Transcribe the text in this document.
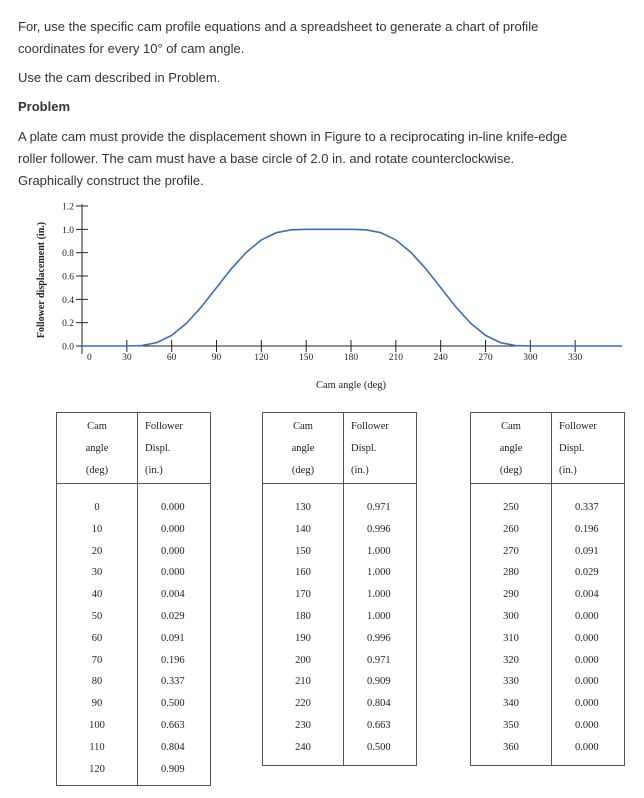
For, use the specific cam profile equations and a spreadsheet to generate a chart of profile

coordinates for every 10° of cam angle.

Use the cam described in Problem.

Problem

A plate cam must provide the displacement shown in Figure to a reciprocating in-line knife-edge

roller follower. The cam must have a base circle of 2.0 in. and rotate counterclockwise.

Graphically construct the profile.

0.0
0.2
0.4
0.6
0.8
1.0
1.2
0	30	60	90	120	150	180	210	240	270	300	330
Cam angle (deg)
Follower displacement (in.)
Cam
angle
(deg)
Follower
Displ.
(in.)
0	0.000
10	0.000
20	0.000
30	0.000
40	0.004
50	0.029
60	0.091
70	0.196
80	0.337
90	0.500
100	0.663
110	0.804
120	0.909
Cam
angle
(deg)
Follower
Displ.
(in.)
130	0.971
140	0.996
150	1.000
160	1.000
170	1.000
180	1.000
190	0.996
200	0.971
210	0.909
220	0.804
230	0.663
240	0.500
Cam
angle
(deg)
Follower
Displ.
(in.)
250	0.337
260	0.196
270	0.091
280	0.029
290	0.004
300	0.000
310	0.000
320	0.000
330	0.000
340	0.000
350	0.000
360	0.000
